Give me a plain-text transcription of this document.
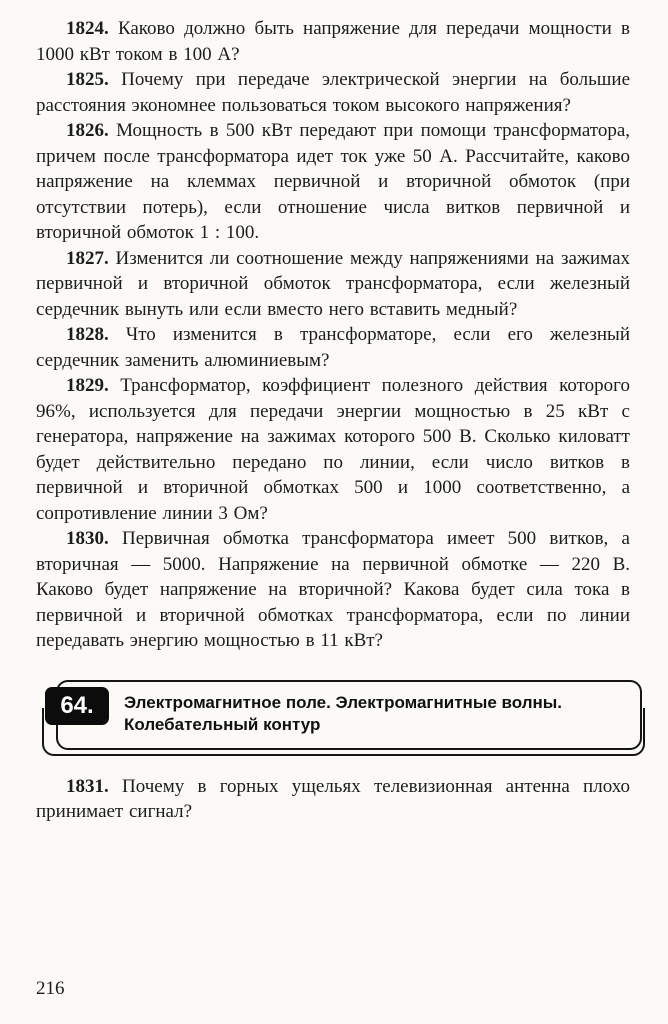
1824. Каково должно быть напряжение для передачи мощности в 1000 кВт током в 100 А?

1825. Почему при передаче электрической энергии на большие расстояния экономнее пользоваться током высокого напряжения?

1826. Мощность в 500 кВт передают при помощи трансформатора, причем после трансформатора идет ток уже 50 А. Рассчитайте, каково напряжение на клеммах первичной и вторичной обмоток (при отсутствии потерь), если отношение числа витков первичной и вторичной обмоток 1 : 100.

1827. Изменится ли соотношение между напряжениями на зажимах первичной и вторичной обмоток трансформатора, если железный сердечник вынуть или если вместо него вставить медный?

1828. Что изменится в трансформаторе, если его железный сердечник заменить алюминиевым?

1829. Трансформатор, коэффициент полезного действия которого 96%, используется для передачи энергии мощностью в 25 кВт с генератора, напряжение на зажимах которого 500 В. Сколько киловатт будет действительно передано по линии, если число витков в первичной и вторичной обмотках 500 и 1000 соответственно, а сопротивление линии 3 Ом?

1830. Первичная обмотка трансформатора имеет 500 витков, а вторичная — 5000. Напряжение на первичной обмотке — 220 В. Каково будет напряжение на вторичной? Какова будет сила тока в первичной и вторичной обмотках трансформатора, если по линии передавать энергию мощностью в 11 кВт?

64. Электромагнитное поле. Электромагнитные волны. Колебательный контур

1831. Почему в горных ущельях телевизионная антенна плохо принимает сигнал?

216
